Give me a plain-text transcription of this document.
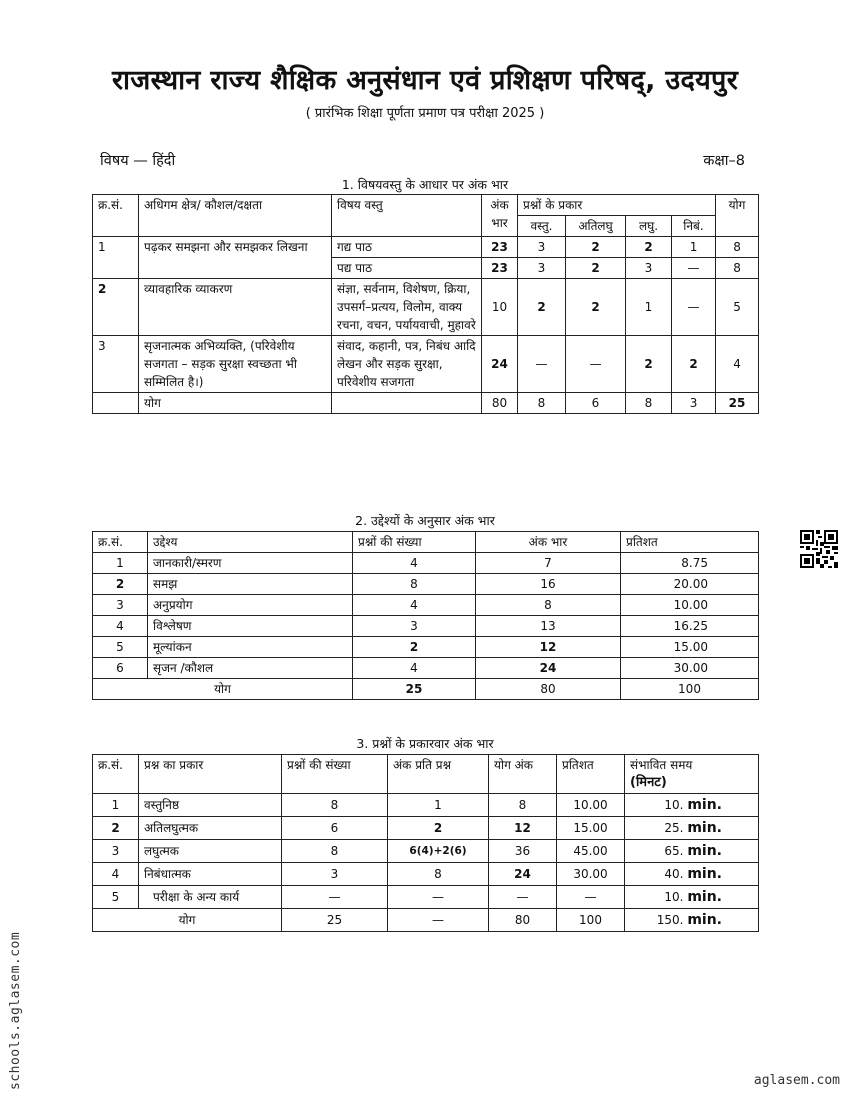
राजस्थान राज्य शैक्षिक अनुसंधान एवं प्रशिक्षण परिषद्, उदयपुर
( प्रारंभिक शिक्षा पूर्णता प्रमाण पत्र परीक्षा 2025 )
विषय — हिंदी	कक्षा–8
1. विषयवस्तु के आधार पर अंक भार
क्र.सं.	अधिगम क्षेत्र/ कौशल/दक्षता	विषय वस्तु	अंक भार	प्रश्नों के प्रकार				योग
				वस्तु.	अतिलघु	लघु.	निबं.	
1	पढ़कर समझना और समझकर लिखना	गद्य पाठ	23	3	2	2	1	8
		पद्य पाठ	23	3	2	3	—	8
2	व्यावहारिक व्याकरण	संज्ञा, सर्वनाम, विशेषण, क्रिया, उपसर्ग–प्रत्यय, विलोम, वाक्य रचना, वचन, पर्यायवाची, मुहावरे	10	2	2	1	—	5
3	सृजनात्मक अभिव्यक्ति, (परिवेशीय सजगता – सड़क सुरक्षा स्वच्छता भी सम्मिलित है।)	संवाद, कहानी, पत्र, निबंध आदि लेखन और सड़क सुरक्षा, परिवेशीय सजगता	24	—	—	2	2	4
	योग		80	8	6	8	3	25
2. उद्देश्यों के अनुसार अंक भार
क्र.सं.	उद्देश्य	प्रश्नों की संख्या	अंक भार	प्रतिशत
1	जानकारी/स्मरण	4	7	8.75
2	समझ	8	16	20.00
3	अनुप्रयोग	4	8	10.00
4	विश्लेषण	3	13	16.25
5	मूल्यांकन	2	12	15.00
6	सृजन /कौशल	4	24	30.00
योग		25	80	100
3. प्रश्नों के प्रकारवार अंक भार
क्र.सं.	प्रश्न का प्रकार	प्रश्नों की संख्या	अंक प्रति प्रश्न	योग अंक	प्रतिशत	संभावित समय
(मिनट)

1	वस्तुनिष्ठ	8	1	8	10.00	10. min.
2	अतिलघुत्मक	6	2	12	15.00	25. min.
3	लघुत्मक	8	6(4)+2(6)	36	45.00	65. min.
4	निबंधात्मक	3	8	24	30.00	40. min.
5	परीक्षा के अन्य कार्य	—	—	—	—	10. min.
योग		25	—	80	100	150. min.
schools.aglasem.com	aglasem.com
